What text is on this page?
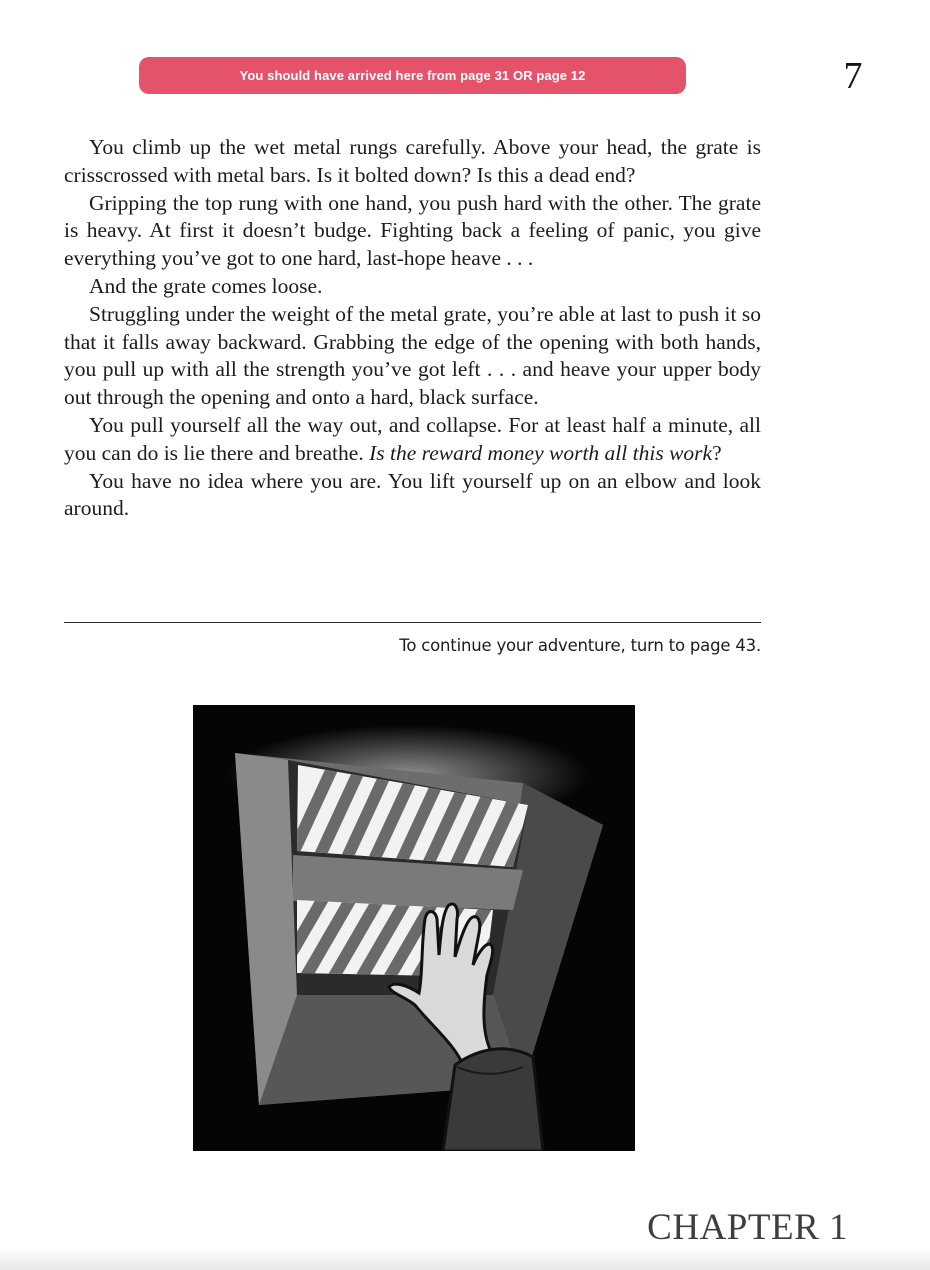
You should have arrived here from page 31 OR page 12	7

You climb up the wet metal rungs carefully. Above your head, the grate is crisscrossed with metal bars. Is it bolted down? Is this a dead end?

Gripping the top rung with one hand, you push hard with the other. The grate is heavy. At first it doesn’t budge. Fighting back a feeling of panic, you give everything you’ve got to one hard, last-hope heave . . .

And the grate comes loose.

Struggling under the weight of the metal grate, you’re able at last to push it so that it falls away backward. Grabbing the edge of the opening with both hands, you pull up with all the strength you’ve got left . . . and heave your upper body out through the opening and onto a hard, black surface.

You pull yourself all the way out, and collapse. For at least half a minute, all you can do is lie there and breathe. Is the reward money worth all this work?

You have no idea where you are. You lift yourself up on an elbow and look around.

To continue your adventure, turn to page 43.
CHAPTER 1
